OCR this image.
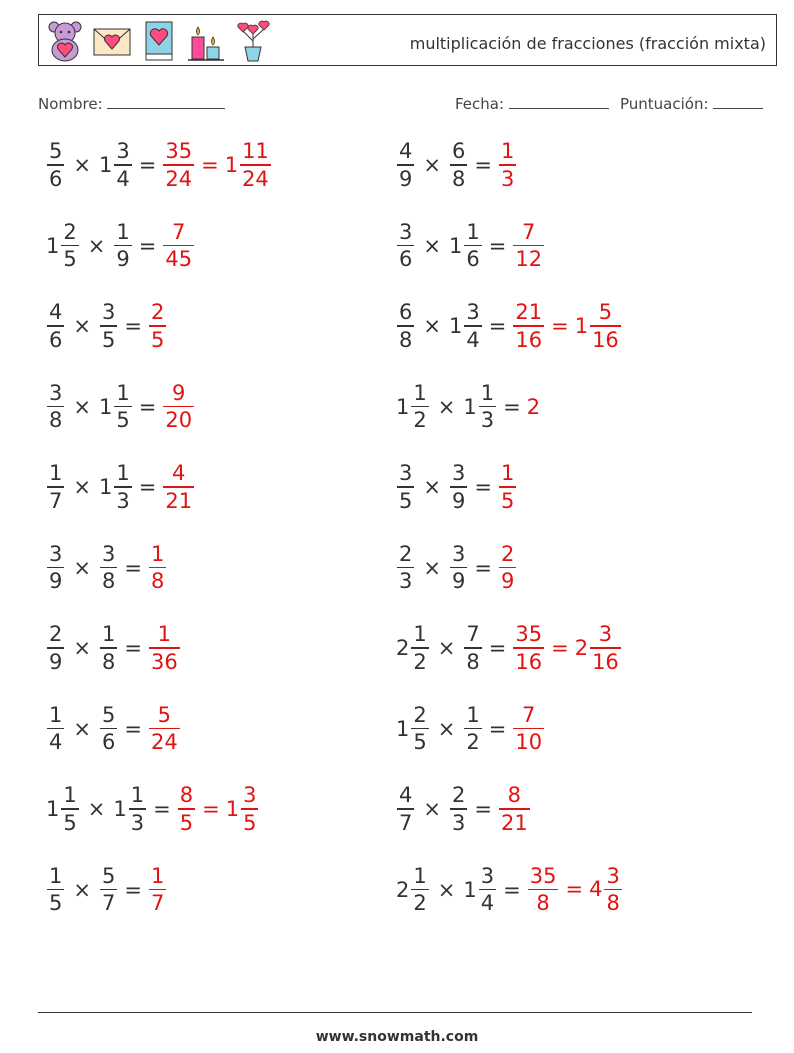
multiplicación de fracciones (fracción mixta)
Nombre:	Fecha:	Puntuación:
$\frac{5}{6} \times 1 \frac{3}{4} = \frac{35}{24} = 1 \frac{11}{24}$	$\frac{4}{9} \times \frac{6}{8} = \frac{1}{3}$
$1 \frac{2}{5} \times \frac{1}{9} = \frac{7}{45}$	$\frac{3}{6} \times 1 \frac{1}{6} = \frac{7}{12}$
$\frac{4}{6} \times \frac{3}{5} = \frac{2}{5}$	$\frac{6}{8} \times 1 \frac{3}{4} = \frac{21}{16} = 1 \frac{5}{16}$
$\frac{3}{8} \times 1 \frac{1}{5} = \frac{9}{20}$	$1 \frac{1}{2} \times 1 \frac{1}{3} = 2$
$\frac{1}{7} \times 1 \frac{1}{3} = \frac{4}{21}$	$\frac{3}{5} \times \frac{3}{9} = \frac{1}{5}$
$\frac{3}{9} \times \frac{3}{8} = \frac{1}{8}$	$\frac{2}{3} \times \frac{3}{9} = \frac{2}{9}$
$\frac{2}{9} \times \frac{1}{8} = \frac{1}{36}$	$2 \frac{1}{2} \times \frac{7}{8} = \frac{35}{16} = 2 \frac{3}{16}$
$\frac{1}{4} \times \frac{5}{6} = \frac{5}{24}$	$1 \frac{2}{5} \times \frac{1}{2} = \frac{7}{10}$
$1 \frac{1}{5} \times 1 \frac{1}{3} = \frac{8}{5} = 1 \frac{3}{5}$	$\frac{4}{7} \times \frac{2}{3} = \frac{8}{21}$
$\frac{1}{5} \times \frac{5}{7} = \frac{1}{7}$	$2 \frac{1}{2} \times 1 \frac{3}{4} = \frac{35}{8} = 4 \frac{3}{8}$
www.snowmath.com
